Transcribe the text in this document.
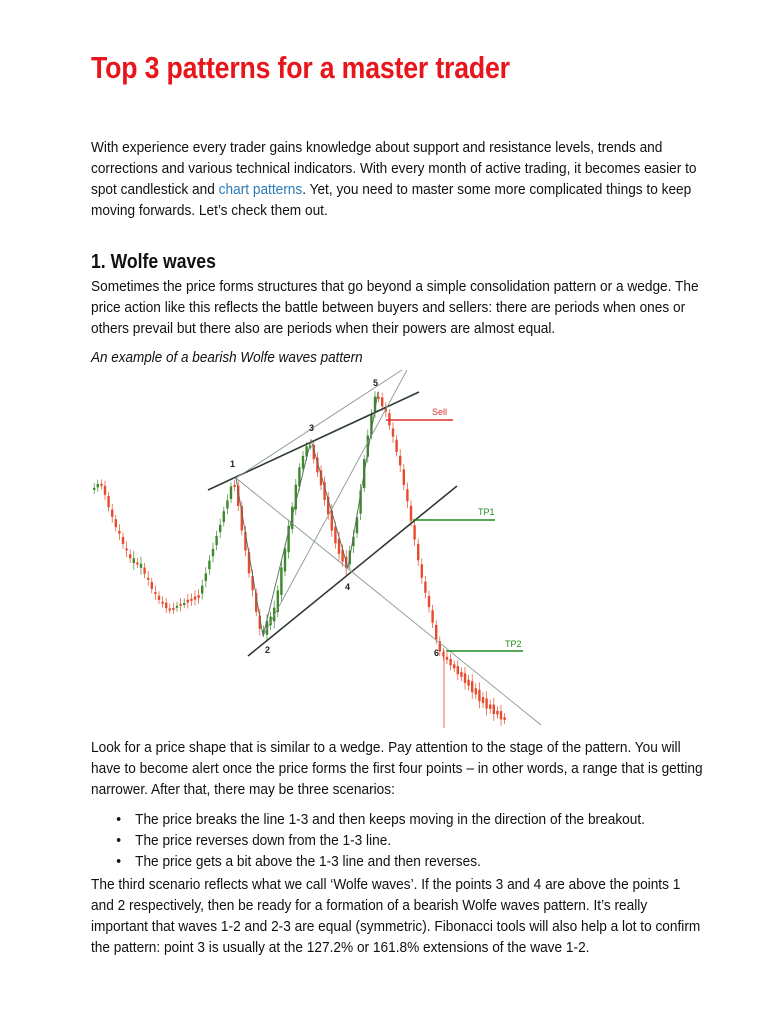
Top 3 patterns for a master trader

With experience every trader gains knowledge about support and resistance levels, trends and corrections and various technical indicators. With every month of active trading, it becomes easier to spot candlestick and chart patterns. Yet, you need to master some more complicated things to keep moving forwards. Let’s check them out.

1. Wolfe waves

Sometimes the price forms structures that go beyond a simple consolidation pattern or a wedge. The price action like this reflects the battle between buyers and sellers: there are periods when ones or others prevail but there also are periods when their powers are almost equal.

An example of a bearish Wolfe waves pattern

Look for a price shape that is similar to a wedge. Pay attention to the stage of the pattern. You will have to become alert once the price forms the first four points – in other words, a range that is getting narrower. After that, there may be three scenarios:

• The price breaks the line 1-3 and then keeps moving in the direction of the breakout.
• The price reverses down from the 1-3 line.
• The price gets a bit above the 1-3 line and then reverses.

The third scenario reflects what we call ‘Wolfe waves’. If the points 3 and 4 are above the points 1 and 2 respectively, then be ready for a formation of a bearish Wolfe waves pattern. It’s really important that waves 1-2 and 2-3 are equal (symmetric). Fibonacci tools will also help a lot to confirm the pattern: point 3 is usually at the 127.2% or 161.8% extensions of the wave 1-2.

1
2
3
4
5
6
Sell
TP1
TP2
